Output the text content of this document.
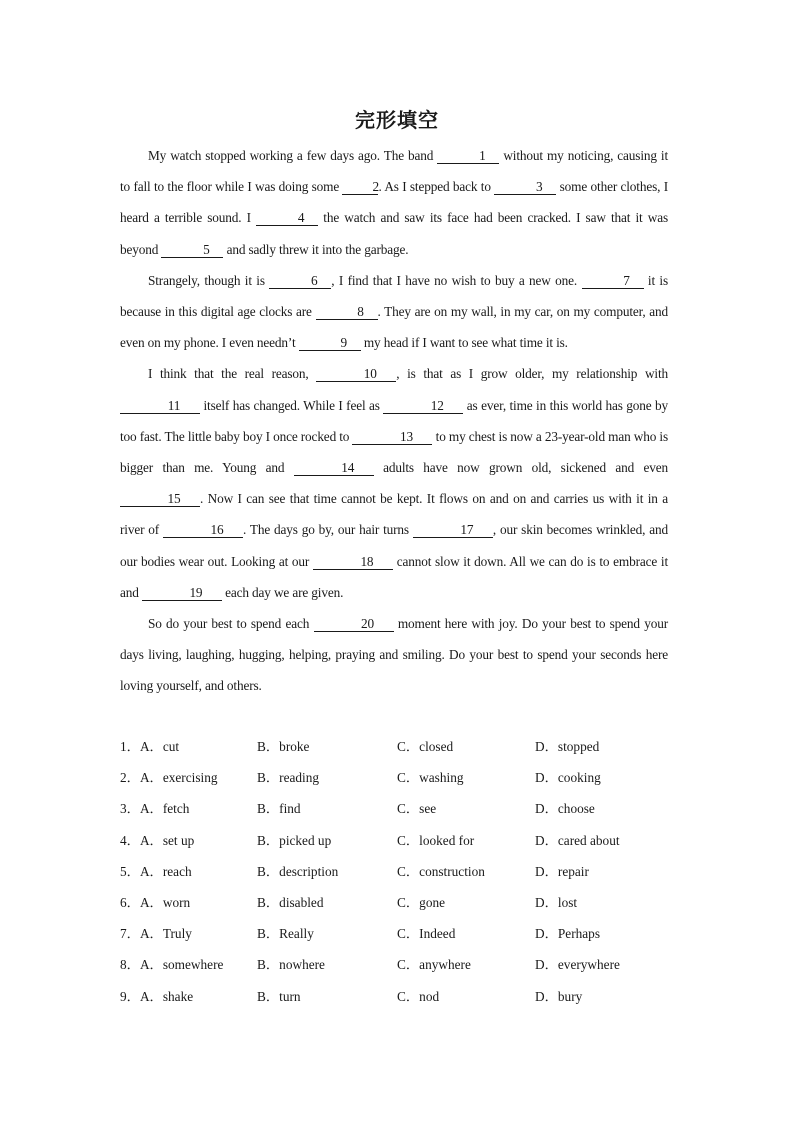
完形填空

My watch stopped working a few days ago. The band	1 without my noticing, causing it to fall to the floor while I was doing some 2. As I stepped back to	3 some other clothes, I heard a terrible sound. I	4 the watch and saw its face had been cracked. I saw that it was beyond	5 and sadly threw it into the garbage.

Strangely, though it is	6 , I find that I have no wish to buy a new one.	7 it is because in this digital age clocks are	8 . They are on my wall, in my car, on my computer, and even on my phone. I even needn’t	9 my head if I want to see what time it is.

I think that the real reason,	10 , is that as I grow older, my relationship with 11 itself has changed. While I feel as	12 as ever, time in this world has gone by too fast. The little baby boy I once rocked to	13 to my chest is now a 23-year-old man who is bigger than me. Young and	14 adults have now grown old, sickened and even 15 . Now I can see that time cannot be kept. It flows on and on and carries us with it in a river of	16 . The days go by, our hair turns	17 , our skin becomes wrinkled, and our bodies wear out. Looking at our	18 cannot slow it down. All we can do is to embrace it and	19 each day we are given.

So do your best to spend each	20 moment here with joy. Do your best to spend your days living, laughing, hugging, helping, praying and smiling. Do your best to spend your seconds here loving yourself, and others.

1．A．cut	B．broke	C．closed	D．stopped
2．A．exercising	B．reading	C．washing	D．cooking
3．A．fetch	B．find	C．see	D．choose
4．A．set up	B．picked up	C．looked for	D．cared about
5．A．reach	B．description	C．construction	D．repair
6．A．worn	B．disabled	C．gone	D．lost
7．A．Truly	B．Really	C．Indeed	D．Perhaps
8．A．somewhere	B．nowhere	C．anywhere	D．everywhere
9．A．shake	B．turn	C．nod	D．bury
